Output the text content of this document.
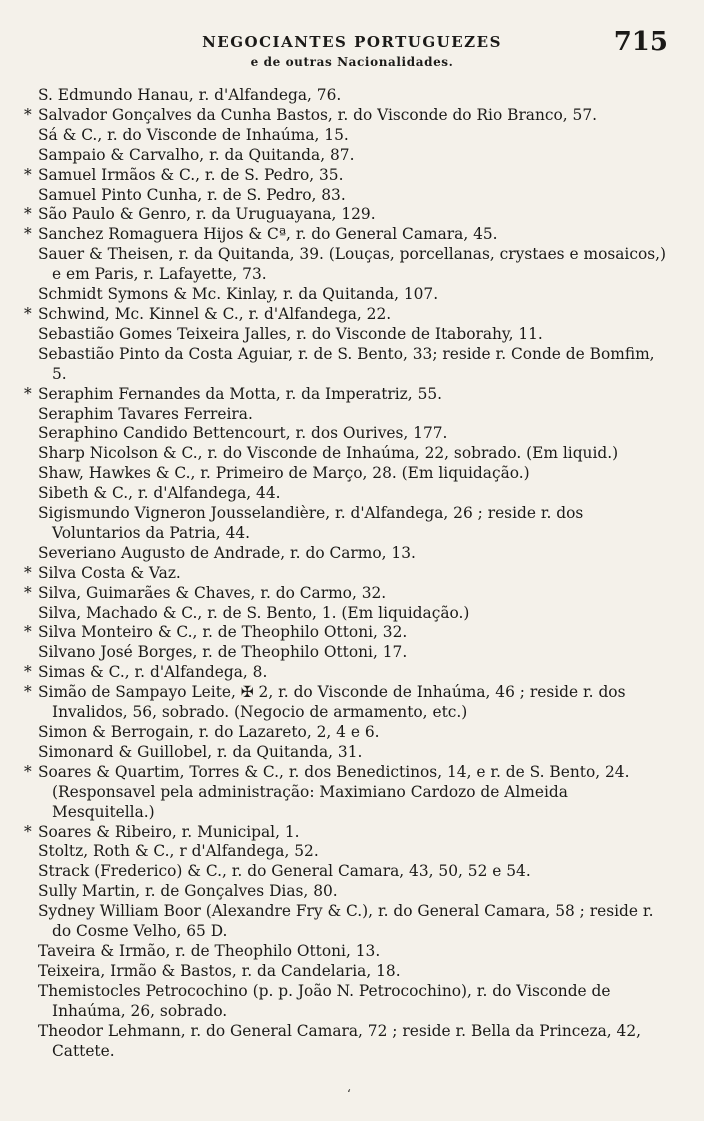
NEGOCIANTES PORTUGUEZES	715
e de outras Nacionalidades.
S. Edmundo Hanau, r. d'Alfandega, 76.
* Salvador Gonçalves da Cunha Bastos, r. do Visconde do Rio Branco, 57.
Sá & C., r. do Visconde de Inhaúma, 15.
Sampaio & Carvalho, r. da Quitanda, 87.
* Samuel Irmãos & C., r. de S. Pedro, 35.
Samuel Pinto Cunha, r. de S. Pedro, 83.
* São Paulo & Genro, r. da Uruguayana, 129.
* Sanchez Romaguera Hijos & Cª, r. do General Camara, 45.
Sauer & Theisen, r. da Quitanda, 39. (Louças, porcellanas, crystaes e mosaicos,) e em Paris, r. Lafayette, 73.
Schmidt Symons & Mc. Kinlay, r. da Quitanda, 107.
* Schwind, Mc. Kinnel & C., r. d'Alfandega, 22.
Sebastião Gomes Teixeira Jalles, r. do Visconde de Itaborahy, 11.
Sebastião Pinto da Costa Aguiar, r. de S. Bento, 33; reside r. Conde de Bomfim, 5.
* Seraphim Fernandes da Motta, r. da Imperatriz, 55.
Seraphim Tavares Ferreira.
Seraphino Candido Bettencourt, r. dos Ourives, 177.
Sharp Nicolson & C., r. do Visconde de Inhaúma, 22, sobrado. (Em liquid.)
Shaw, Hawkes & C., r. Primeiro de Março, 28. (Em liquidação.)
Sibeth & C., r. d'Alfandega, 44.
Sigismundo Vigneron Jousselandière, r. d'Alfandega, 26 ; reside r. dos Voluntarios da Patria, 44.
Severiano Augusto de Andrade, r. do Carmo, 13.
* Silva Costa & Vaz.
* Silva, Guimarães & Chaves, r. do Carmo, 32.
Silva, Machado & C., r. de S. Bento, 1. (Em liquidação.)
* Silva Monteiro & C., r. de Theophilo Ottoni, 32.
Silvano José Borges, r. de Theophilo Ottoni, 17.
* Simas & C., r. d'Alfandega, 8.
* Simão de Sampayo Leite, ✠ 2, r. do Visconde de Inhaúma, 46 ; reside r. dos Invalidos, 56, sobrado. (Negocio de armamento, etc.)
Simon & Berrogain, r. do Lazareto, 2, 4 e 6.
Simonard & Guillobel, r. da Quitanda, 31.
* Soares & Quartim, Torres & C., r. dos Benedictinos, 14, e r. de S. Bento, 24. (Responsavel pela administração: Maximiano Cardozo de Almeida Mesquitella.)
* Soares & Ribeiro, r. Municipal, 1.
Stoltz, Roth & C., r d'Alfandega, 52.
Strack (Frederico) & C., r. do General Camara, 43, 50, 52 e 54.
Sully Martin, r. de Gonçalves Dias, 80.
Sydney William Boor (Alexandre Fry & C.), r. do General Camara, 58 ; reside r. do Cosme Velho, 65 D.
Taveira & Irmão, r. de Theophilo Ottoni, 13.
Teixeira, Irmão & Bastos, r. da Candelaria, 18.
Themistocles Petrocochino (p. p. João N. Petrocochino), r. do Visconde de Inhaúma, 26, sobrado.
Theodor Lehmann, r. do General Camara, 72 ; reside r. Bella da Princeza, 42, Cattete.
‘
